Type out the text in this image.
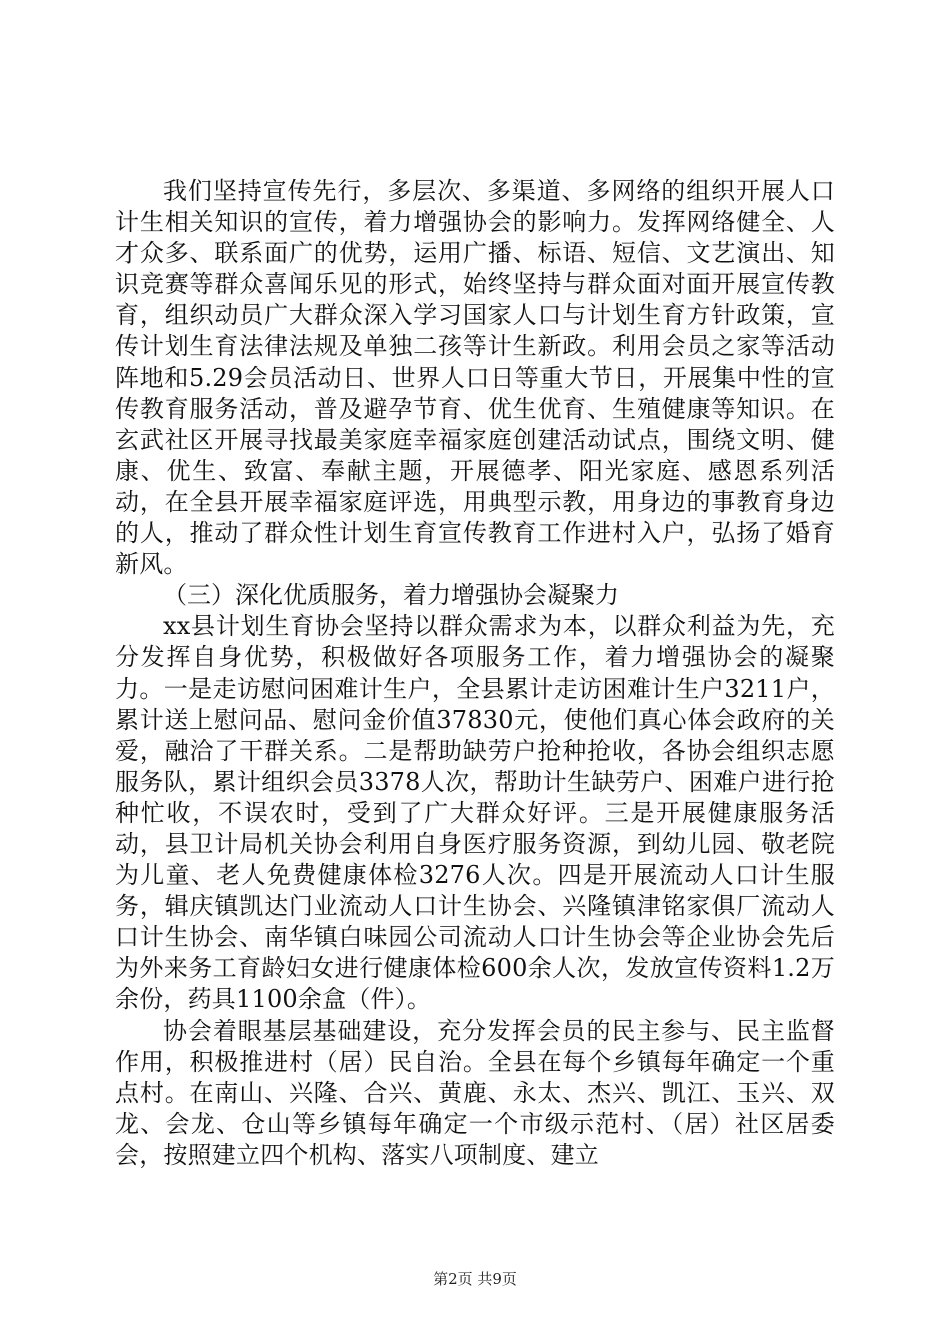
我们坚持宣传先行，多层次、多渠道、多网络的组织开展人口计生相关知识的宣传，着力增强协会的影响力。发挥网络健全、人才众多、联系面广的优势，运用广播、标语、短信、文艺演出、知识竞赛等群众喜闻乐见的形式，始终坚持与群众面对面开展宣传教育，组织动员广大群众深入学习国家人口与计划生育方针政策，宣传计划生育法律法规及单独二孩等计生新政。利用会员之家等活动阵地和5.29会员活动日、世界人口日等重大节日，开展集中性的宣传教育服务活动，普及避孕节育、优生优育、生殖健康等知识。在玄武社区开展寻找最美家庭幸福家庭创建活动试点，围绕文明、健康、优生、致富、奉献主题，开展德孝、阳光家庭、感恩系列活动，在全县开展幸福家庭评选，用典型示教，用身边的事教育身边的人，推动了群众性计划生育宣传教育工作进村入户，弘扬了婚育新风。

（三）深化优质服务，着力增强协会凝聚力

xx县计划生育协会坚持以群众需求为本，以群众利益为先，充分发挥自身优势，积极做好各项服务工作，着力增强协会的凝聚力。一是走访慰问困难计生户，全县累计走访困难计生户3211户，累计送上慰问品、慰问金价值37830元，使他们真心体会政府的关爱，融洽了干群关系。二是帮助缺劳户抢种抢收，各协会组织志愿服务队，累计组织会员3378人次，帮助计生缺劳户、困难户进行抢种忙收，不误农时，受到了广大群众好评。三是开展健康服务活动，县卫计局机关协会利用自身医疗服务资源，到幼儿园、敬老院为儿童、老人免费健康体检3276人次。四是开展流动人口计生服务，辑庆镇凯达门业流动人口计生协会、兴隆镇津铭家俱厂流动人口计生协会、南华镇白味园公司流动人口计生协会等企业协会先后为外来务工育龄妇女进行健康体检600余人次，发放宣传资料1.2万余份，药具1100余盒（件）。

协会着眼基层基础建设，充分发挥会员的民主参与、民主监督作用，积极推进村（居）民自治。全县在每个乡镇每年确定一个重点村。在南山、兴隆、合兴、黄鹿、永太、杰兴、凯江、玉兴、双龙、会龙、仓山等乡镇每年确定一个市级示范村、（居）社区居委会，按照建立四个机构、落实八项制度、建立

第2页 共9页
